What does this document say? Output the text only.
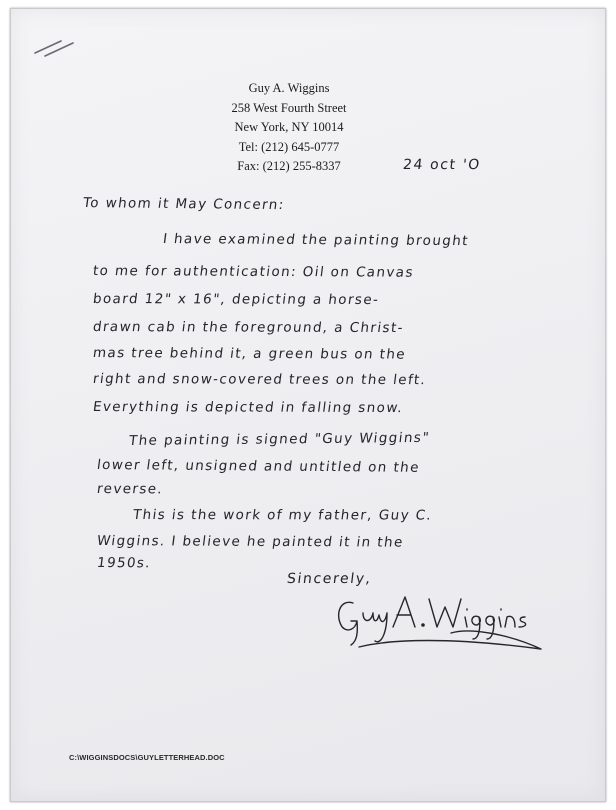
Guy A. Wiggins
258 West Fourth Street
New York, NY 10014
Tel: (212) 645-0777
Fax: (212) 255-8337	24 oct 'O
To whom it May Concern:
I have examined the painting brought
to me for authentication: Oil on Canvas
board 12" x 16", depicting a horse-
drawn cab in the foreground, a Christ-
mas tree behind it, a green bus on the
right and snow-covered trees on the left.
Everything is depicted in falling snow.
The painting is signed "Guy Wiggins"
lower left, unsigned and untitled on the
reverse.
This is the work of my father, Guy C.
Wiggins. I believe he painted it in the
1950s.
Sincerely,
C:\WIGGINSDOCS\GUYLETTERHEAD.DOC
